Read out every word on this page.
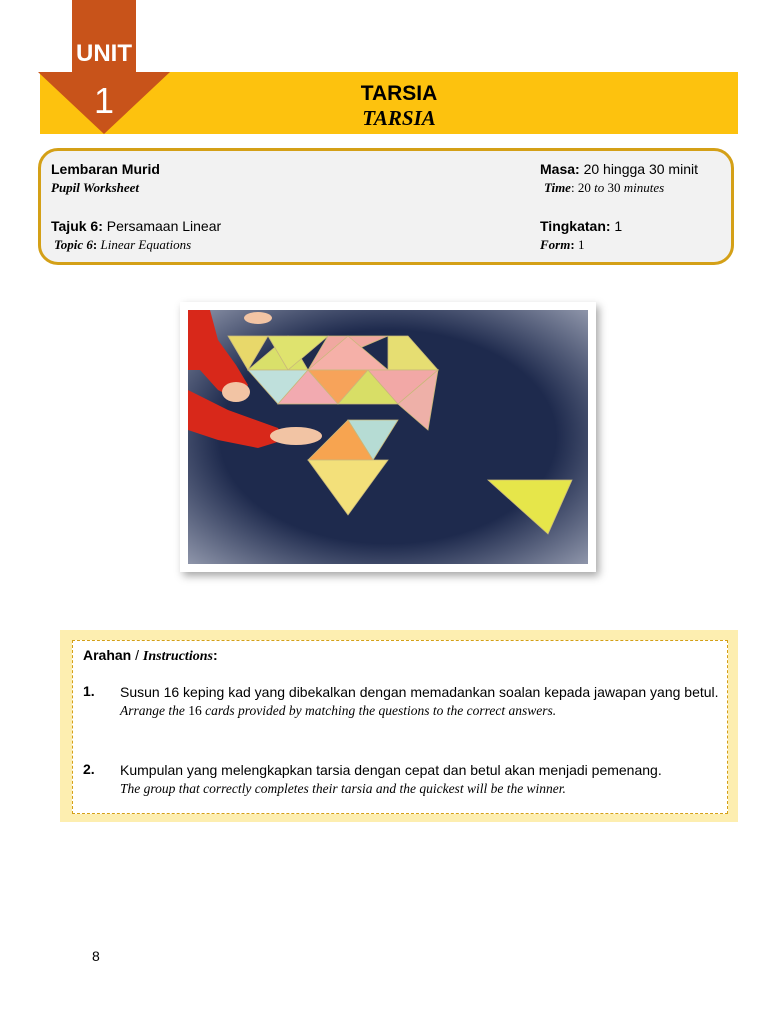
TARSIA
TARSIA
UNIT
1
Lembaran Murid
Pupil Worksheet
Masa: 20 hingga 30 minit
Time: 20 to 30 minutes
Tajuk 6: Persamaan Linear
Topic 6: Linear Equations
Tingkatan: 1
Form: 1
Arahan / Instructions:
1. Susun 16 keping kad yang dibekalkan dengan memadankan soalan kepada jawapan yang betul.
Arrange the 16 cards provided by matching the questions to the correct answers.
2. Kumpulan yang melengkapkan tarsia dengan cepat dan betul akan menjadi pemenang.
The group that correctly completes their tarsia and the quickest will be the winner.
8
